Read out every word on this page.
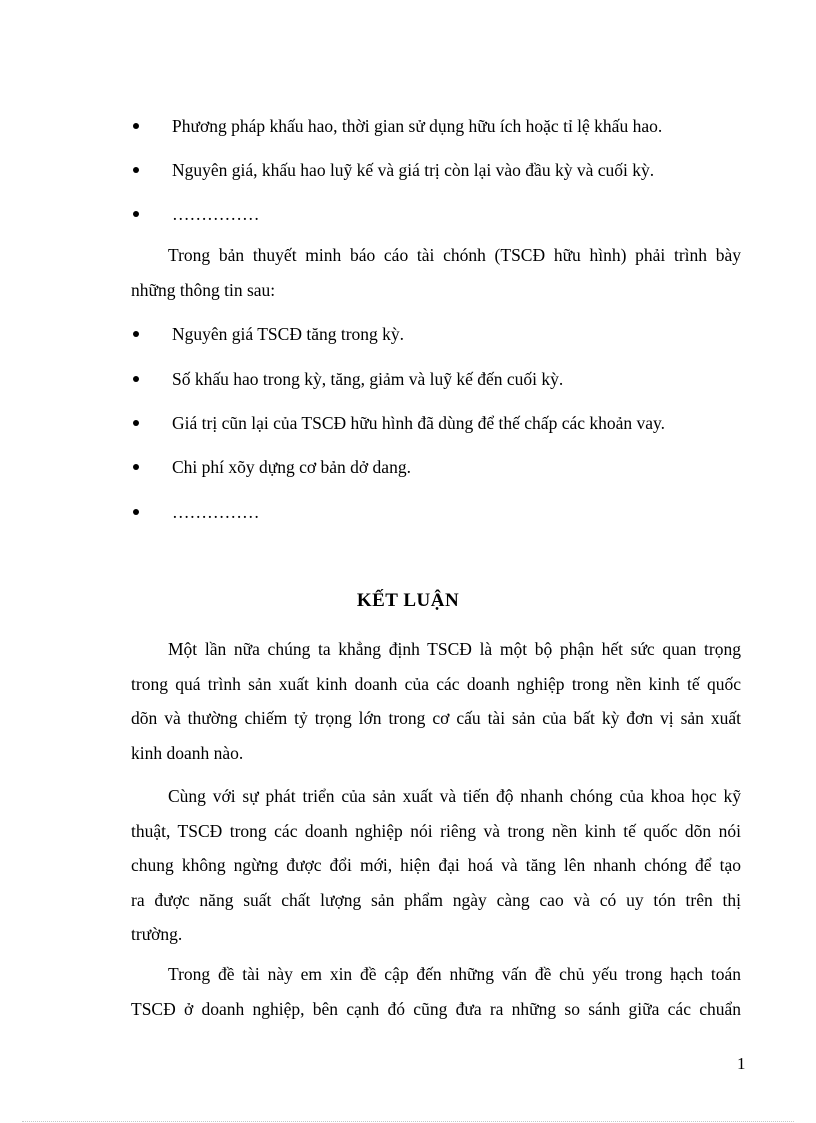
Phương pháp khấu hao, thời gian sử dụng hữu ích hoặc tỉ lệ khấu hao.
Nguyên giá, khấu hao luỹ kế và giá trị còn lại vào đầu kỳ và cuối kỳ.
……………
Trong bản thuyết minh báo cáo tài chónh (TSCĐ hữu hình) phải trình bày
những thông tin sau:
Nguyên giá TSCĐ tăng trong kỳ.
Số khấu hao trong kỳ, tăng, giảm và luỹ kế đến cuối kỳ.
Giá trị cũn lại của TSCĐ hữu hình đã dùng để thế chấp các khoản vay.
Chi phí xõy dựng cơ bản dở dang.
……………
KẾT LUẬN
Một lần nữa chúng ta khẳng định TSCĐ là một bộ phận hết sức quan trọng
trong quá trình sản xuất kinh doanh của các doanh nghiệp trong nền kinh tế quốc
dõn và thường chiếm tỷ trọng lớn trong cơ cấu tài sản của bất kỳ đơn vị sản xuất
kinh doanh nào.
Cùng với sự phát triển của sản xuất và tiến độ nhanh chóng của khoa học kỹ
thuật, TSCĐ trong các doanh nghiệp nói riêng và trong nền kinh tế quốc dõn nói
chung không ngừng được đổi mới, hiện đại hoá và tăng lên nhanh chóng để tạo
ra được năng suất chất lượng sản phẩm ngày càng cao và có uy tón trên thị
trường.
Trong đề tài này em xin đề cập đến những vấn đề chủ yếu trong hạch toán
TSCĐ ở doanh nghiệp, bên cạnh đó cũng đưa ra những so sánh giữa các chuẩn
1
